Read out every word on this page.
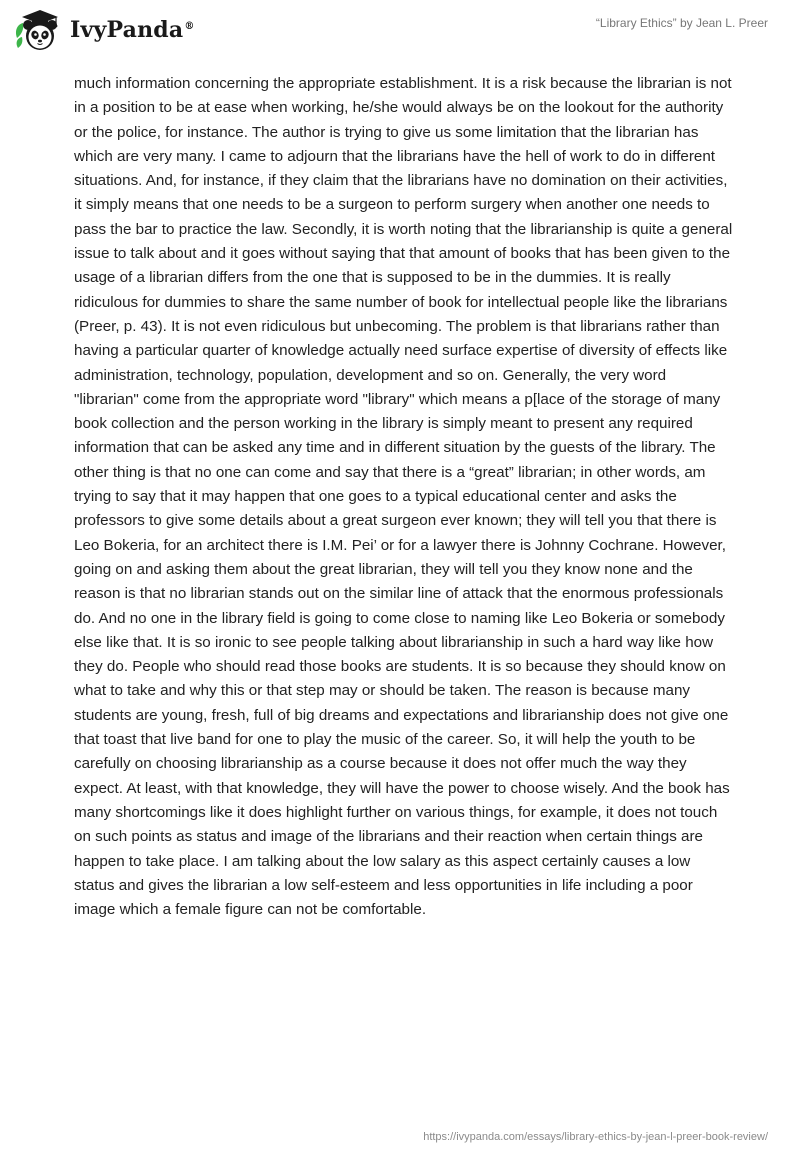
IvyPanda®	“Library Ethics” by Jean L. Preer

much information concerning the appropriate establishment. It is a risk because the librarian is not in a position to be at ease when working, he/she would always be on the lookout for the authority or the police, for instance. The author is trying to give us some limitation that the librarian has which are very many. I came to adjourn that the librarians have the hell of work to do in different situations. And, for instance, if they claim that the librarians have no domination on their activities, it simply means that one needs to be a surgeon to perform surgery when another one needs to pass the bar to practice the law. Secondly, it is worth noting that the librarianship is quite a general issue to talk about and it goes without saying that that amount of books that has been given to the usage of a librarian differs from the one that is supposed to be in the dummies. It is really ridiculous for dummies to share the same number of book for intellectual people like the librarians (Preer, p. 43). It is not even ridiculous but unbecoming. The problem is that librarians rather than having a particular quarter of knowledge actually need surface expertise of diversity of effects like administration, technology, population, development and so on. Generally, the very word "librarian" come from the appropriate word "library" which means a p[lace of the storage of many book collection and the person working in the library is simply meant to present any required information that can be asked any time and in different situation by the guests of the library. The other thing is that no one can come and say that there is a “great” librarian; in other words, am trying to say that it may happen that one goes to a typical educational center and asks the professors to give some details about a great surgeon ever known; they will tell you that there is Leo Bokeria, for an architect there is I.M. Pei’ or for a lawyer there is Johnny Cochrane. However, going on and asking them about the great librarian, they will tell you they know none and the reason is that no librarian stands out on the similar line of attack that the enormous professionals do. And no one in the library field is going to come close to naming like Leo Bokeria or somebody else like that. It is so ironic to see people talking about librarianship in such a hard way like how they do. People who should read those books are students. It is so because they should know on what to take and why this or that step may or should be taken. The reason is because many students are young, fresh, full of big dreams and expectations and librarianship does not give one that toast that live band for one to play the music of the career. So, it will help the youth to be carefully on choosing librarianship as a course because it does not offer much the way they expect. At least, with that knowledge, they will have the power to choose wisely. And the book has many shortcomings like it does highlight further on various things, for example, it does not touch on such points as status and image of the librarians and their reaction when certain things are happen to take place. I am talking about the low salary as this aspect certainly causes a low status and gives the librarian a low self-esteem and less opportunities in life including a poor image which a female figure can not be comfortable.

https://ivypanda.com/essays/library-ethics-by-jean-l-preer-book-review/
